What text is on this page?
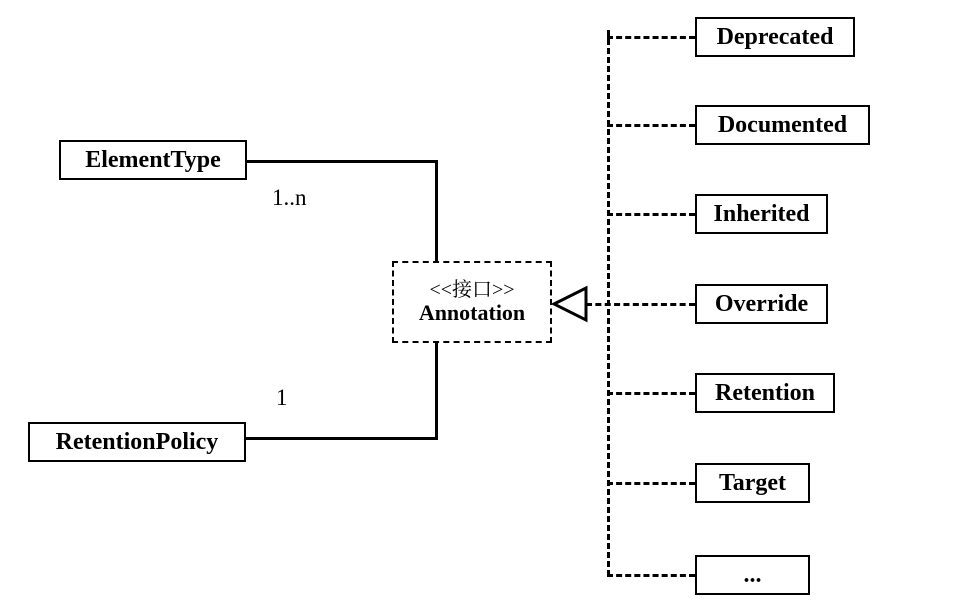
1..n
1
ElementType
RetentionPolicy
<<接口>>
Annotation
Deprecated
Documented
Inherited
Override
Retention
Target
...
